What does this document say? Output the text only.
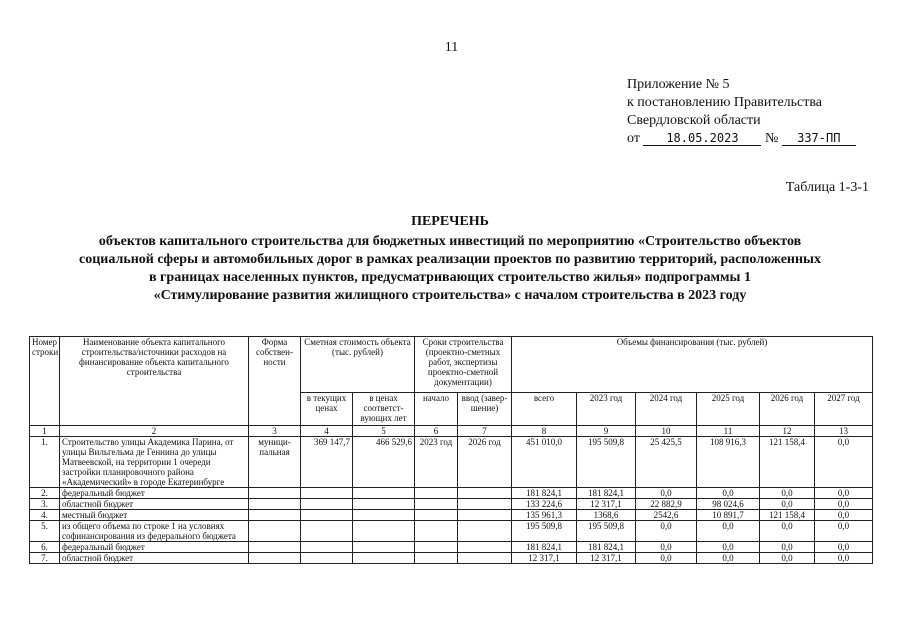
11
Приложение № 5
к постановлению Правительства
Свердловской области
от 18.05.2023 № 337-ПП
Таблица 1-3-1
ПЕРЕЧЕНЬ
объектов капитального строительства для бюджетных инвестиций по мероприятию «Строительство объектов
социальной сферы и автомобильных дорог в рамках реализации проектов по развитию территорий, расположенных
в границах населенных пунктов, предусматривающих строительство жилья» подпрограммы 1
«Стимулирование развития жилищного строительства» с началом строительства в 2023 году
Номер строки	Наименование объекта капитального строительства/источники расходов на финансирование объекта капитального строительства	Форма собствен-ности	Сметная стоимость объекта (тыс. рублей)		Сроки строительства (проектно-сметных работ, экспертизы проектно-сметной документации)		Объемы финансирования (тыс. рублей)					
			в текущих ценах	в ценах соответст-вующих лет	начало	ввод (завер-шение)	всего	2023 год	2024 год	2025 год	2026 год	2027 год
1	2	3	4	5	6	7	8	9	10	11	12	13
1.	Строительство улицы Академика Парина, от улицы Вильгельма де Геннина до улицы Матвеевской, на территории 1 очереди застройки планировочного района «Академический» в городе Екатеринбурге	муници-пальная	369 147,7	466 529,6	2023 год	2026 год	451 010,0	195 509,8	25 425,5	108 916,3	121 158,4	0,0
2.	федеральный бюджет						181 824,1	181 824,1	0,0	0,0	0,0	0,0
3.	областной бюджет						133 224,6	12 317,1	22 882,9	98 024,6	0,0	0,0
4.	местный бюджет						135 961,3	1368,6	2542,6	10 891,7	121 158,4	0,0
5.	из общего объема по строке 1 на условиях софинансирования из федерального бюджета						195 509,8	195 509,8	0,0	0,0	0,0	0,0
6.	федеральный бюджет						181 824,1	181 824,1	0,0	0,0	0,0	0,0
7.	областной бюджет						12 317,1	12 317,1	0,0	0,0	0,0	0,0
